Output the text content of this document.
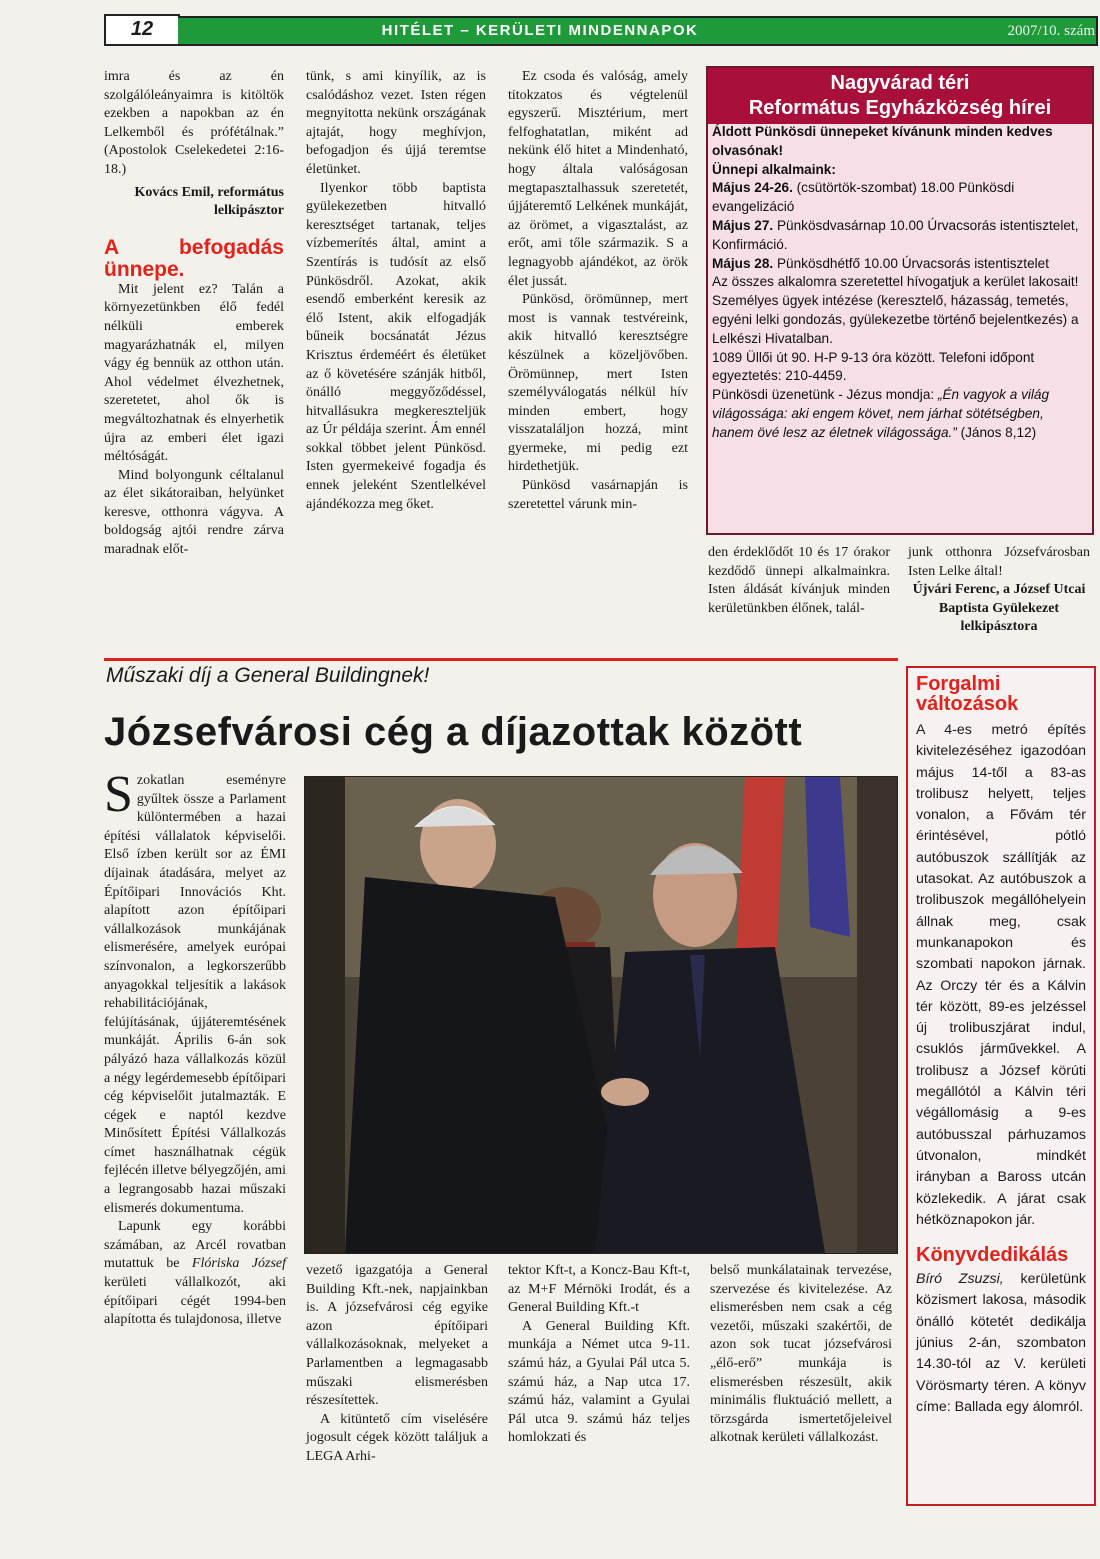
12	HITÉLET – KERÜLETI MINDENNAPOK	2007/10. szám

imra és az én szolgálóleányaimra is kitöltök ezekben a napokban az én Lelkemből és prófétálnak.” (Apostolok Cselekedetei 2:16-18.)

Kovács Emil, református lelkipásztor

A befogadás ünnepe.

Mit jelent ez? Talán a környezetünkben élő fedél nélküli emberek magyarázhatnák el, milyen vágy ég bennük az otthon után. Ahol védelmet élvezhetnek, szeretetet, ahol ők is megváltozhatnak és elnyerhetik újra az emberi élet igazi méltóságát.

Mind bolyongunk céltalanul az élet sikátoraiban, helyünket keresve, otthonra vágyva. A boldogság ajtói rendre zárva maradnak előt-

tünk, s ami kinyílik, az is csalódáshoz vezet. Isten régen megnyitotta nekünk országának ajtaját, hogy meghívjon, befogadjon és újjá teremtse életünket.

Ilyenkor több baptista gyülekezetben hitvalló keresztséget tartanak, teljes vízbemerítés által, amint a Szentírás is tudósít az első Pünkösdről. Azokat, akik esendő emberként keresik az élő Istent, akik elfogadják bűneik bocsánatát Jézus Krisztus érdeméért és életüket az ő követésére szánják hitből, önálló meggyőződéssel, hitvallásukra megkereszteljük az Úr példája szerint. Ám ennél sokkal többet jelent Pünkösd. Isten gyermekeivé fogadja és ennek jeleként Szentlelkével ajándékozza meg őket.

Ez csoda és valóság, amely titokzatos és végtelenül egyszerű. Misztérium, mert felfoghatatlan, miként ad nekünk élő hitet a Mindenható, hogy általa valóságosan megtapasztalhassuk szeretetét, újjáteremtő Lelkének munkáját, az örömet, a vigasztalást, az erőt, ami tőle származik. S a legnagyobb ajándékot, az örök élet jussát.

Pünkösd, örömünnep, mert most is vannak testvéreink, akik hitvalló keresztségre készülnek a közeljövőben. Örömünnep, mert Isten személyválogatás nélkül hív minden embert, hogy visszataláljon hozzá, mint gyermeke, mi pedig ezt hirdethetjük.

Pünkösd vasárnapján is szeretettel várunk min-

den érdeklődőt 10 és 17 órakor kezdődő ünnepi alkalmainkra. Isten áldását kívánjuk minden kerületünkben élőnek, talál-

junk otthonra Józsefvárosban Isten Lelke által!

Újvári Ferenc, a József Utcai Baptista Gyülekezet lelkipásztora

Nagyvárad téri
Református Egyházközség hírei
Áldott Pünkösdi ünnepeket kívánunk minden kedves olvasónak!
Ünnepi alkalmaink:
Május 24-26. (csütörtök-szombat) 18.00 Pünkösdi evangelizáció
Május 27. Pünkösdvasárnap 10.00 Úrvacsorás istentisztelet, Konfirmáció.
Május 28. Pünkösdhétfő 10.00 Úrvacsorás istentisztelet
Az összes alkalomra szeretettel hívogatjuk a kerület lakosait!
Személyes ügyek intézése (keresztelő, házasság, temetés, egyéni lelki gondozás, gyülekezetbe történő bejelentkezés) a Lelkészi Hivatalban.
1089 Üllői út 90. H-P 9-13 óra között. Telefoni időpont egyeztetés: 210-4459.
Pünkösdi üzenetünk - Jézus mondja: „Én vagyok a világ világossága: aki engem követ, nem járhat sötétségben, hanem övé lesz az életnek világossága.” (János 8,12)
Műszaki díj a General Buildingnek!
Józsefvárosi cég a díjazottak között

Szokatlan eseményre gyűltek össze a Parlament különtermében a hazai építési vállalatok képviselői. Első ízben került sor az ÉMI díjainak átadására, melyet az Építőipari Innovációs Kht. alapított azon építőipari vállalkozások munkájának elismerésére, amelyek európai színvonalon, a legkorszerűbb anyagokkal teljesítik a lakások rehabilitációjának, felújításának, újjáteremtésének munkáját. Április 6-án sok pályázó haza vállalkozás közül a négy legérdemesebb építőipari cég képviselőit jutalmazták. E cégek e naptól kezdve Minősített Építési Vállalkozás címet használhatnak cégük fejlécén illetve bélyegzőjén, ami a legrangosabb hazai műszaki elismerés dokumentuma.

Lapunk egy korábbi számában, az Arcél rovatban mutattuk be Flóriska József kerületi vállalkozót, aki építőipari cégét 1994-ben alapította és tulajdonosa, illetve

vezető igazgatója a General Building Kft.-nek, napjainkban is. A józsefvárosi cég egyike azon építőipari vállalkozásoknak, melyeket a Parlamentben a legmagasabb műszaki elismerésben részesítettek.

A kitüntető cím viselésére jogosult cégek között találjuk a LEGA Arhi-

tektor Kft-t, a Koncz-Bau Kft-t, az M+F Mérnöki Irodát, és a General Building Kft.-t

A General Building Kft. munkája a Német utca 9-11. számú ház, a Gyulai Pál utca 5. számú ház, a Nap utca 17. számú ház, valamint a Gyulai Pál utca 9. számú ház teljes homlokzati és

belső munkálatainak tervezése, szervezése és kivitelezése. Az elismerésben nem csak a cég vezetői, műszaki szakértői, de azon sok tucat józsefvárosi „élő-erő” munkája is elismerésben részesült, akik minimális fluktuáció mellett, a törzsgárda ismertetőjeleivel alkotnak kerületi vállalkozást.

Forgalmi
változások
A 4-es metró építés kivitelezéséhez igazodóan május 14-től a 83-as trolibusz helyett, teljes vonalon, a Fővám tér érintésével, pótló autóbuszok szállítják az utasokat. Az autóbuszok a trolibuszok megállóhelyein állnak meg, csak munkanapokon és szombati napokon járnak. Az Orczy tér és a Kálvin tér között, 89-es jelzéssel új trolibuszjárat indul, csuklós járművekkel. A trolibusz a József körúti megállótól a Kálvin téri végállomásig a 9-es autóbusszal párhuzamos útvonalon, mindkét irányban a Baross utcán közlekedik. A járat csak hétköznapokon jár.
Könyvdedikálás
Bíró Zsuzsi, kerületünk közismert lakosa, második önálló kötetét dedikálja június 2-án, szombaton 14.30-tól az V. kerületi Vörösmarty téren. A könyv címe: Ballada egy álomról.
